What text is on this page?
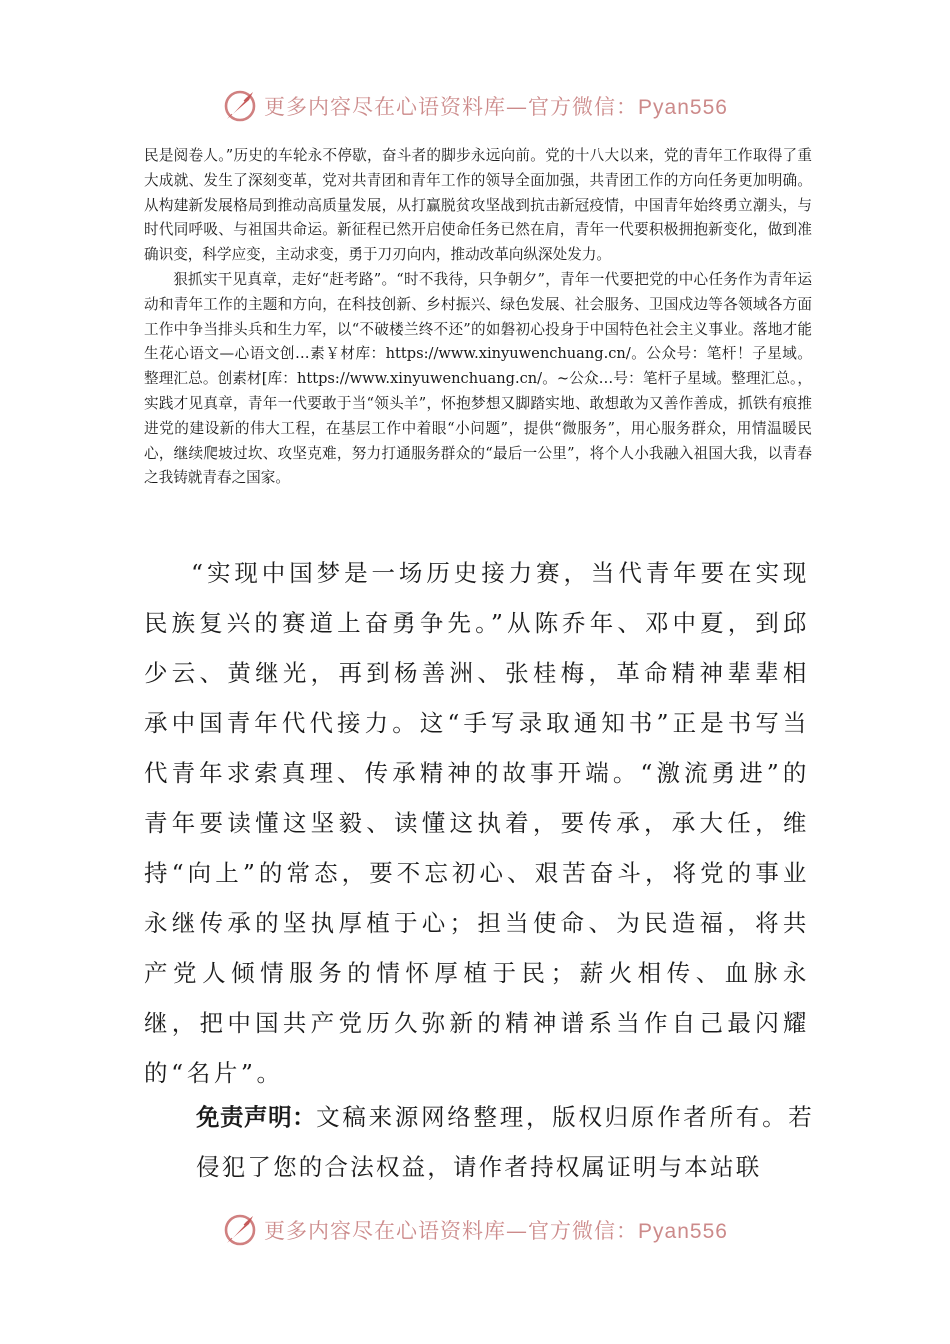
更多内容尽在心语资料库—官方微信：Pyan556

民是阅卷人。”历史的车轮永不停歇，奋斗者的脚步永远向前。党的十八大以来，党的青年工作取得了重大成就、发生了深刻变革，党对共青团和青年工作的领导全面加强，共青团工作的方向任务更加明确。从构建新发展格局到推动高质量发展，从打赢脱贫攻坚战到抗击新冠疫情，中国青年始终勇立潮头，与时代同呼吸、与祖国共命运。新征程已然开启使命任务已然在肩，青年一代要积极拥抱新变化，做到准确识变，科学应变，主动求变，勇于刀刃向内，推动改革向纵深处发力。

狠抓实干见真章，走好“赶考路”。“时不我待，只争朝夕”，青年一代要把党的中心任务作为青年运动和青年工作的主题和方向，在科技创新、乡村振兴、绿色发展、社会服务、卫国戍边等各领域各方面工作中争当排头兵和生力军，以“不破楼兰终不还”的如磐初心投身于中国特色社会主义事业。落地才能生花心语文—心语文创…素￥材库：https://www.xinyuwenchuang.cn/。公众号：笔杆！子星域。整理汇总。创素材[库：https://www.xinyuwenchuang.cn/。~公众…号：笔杆子星域。整理汇总。，实践才见真章，青年一代要敢于当“领头羊”，怀抱梦想又脚踏实地、敢想敢为又善作善成，抓铁有痕推进党的建设新的伟大工程，在基层工作中着眼“小问题”，提供“微服务”，用心服务群众，用情温暖民心，继续爬坡过坎、攻坚克难，努力打通服务群众的“最后一公里”，将个人小我融入祖国大我，以青春之我铸就青春之国家。

“实现中国梦是一场历史接力赛，当代青年要在实现民族复兴的赛道上奋勇争先。”从陈乔年、邓中夏，到邱少云、黄继光，再到杨善洲、张桂梅，革命精神辈辈相承中国青年代代接力。这“手写录取通知书”正是书写当代青年求索真理、传承精神的故事开端。“激流勇进”的青年要读懂这坚毅、读懂这执着，要传承，承大任，维持“向上”的常态，要不忘初心、艰苦奋斗，将党的事业永继传承的坚执厚植于心；担当使命、为民造福，将共产党人倾情服务的情怀厚植于民；薪火相传、血脉永继，把中国共产党历久弥新的精神谱系当作自己最闪耀的“名片”。

免责声明：文稿来源网络整理，版权归原作者所有。若侵犯了您的合法权益，请作者持权属证明与本站联

更多内容尽在心语资料库—官方微信：Pyan556
